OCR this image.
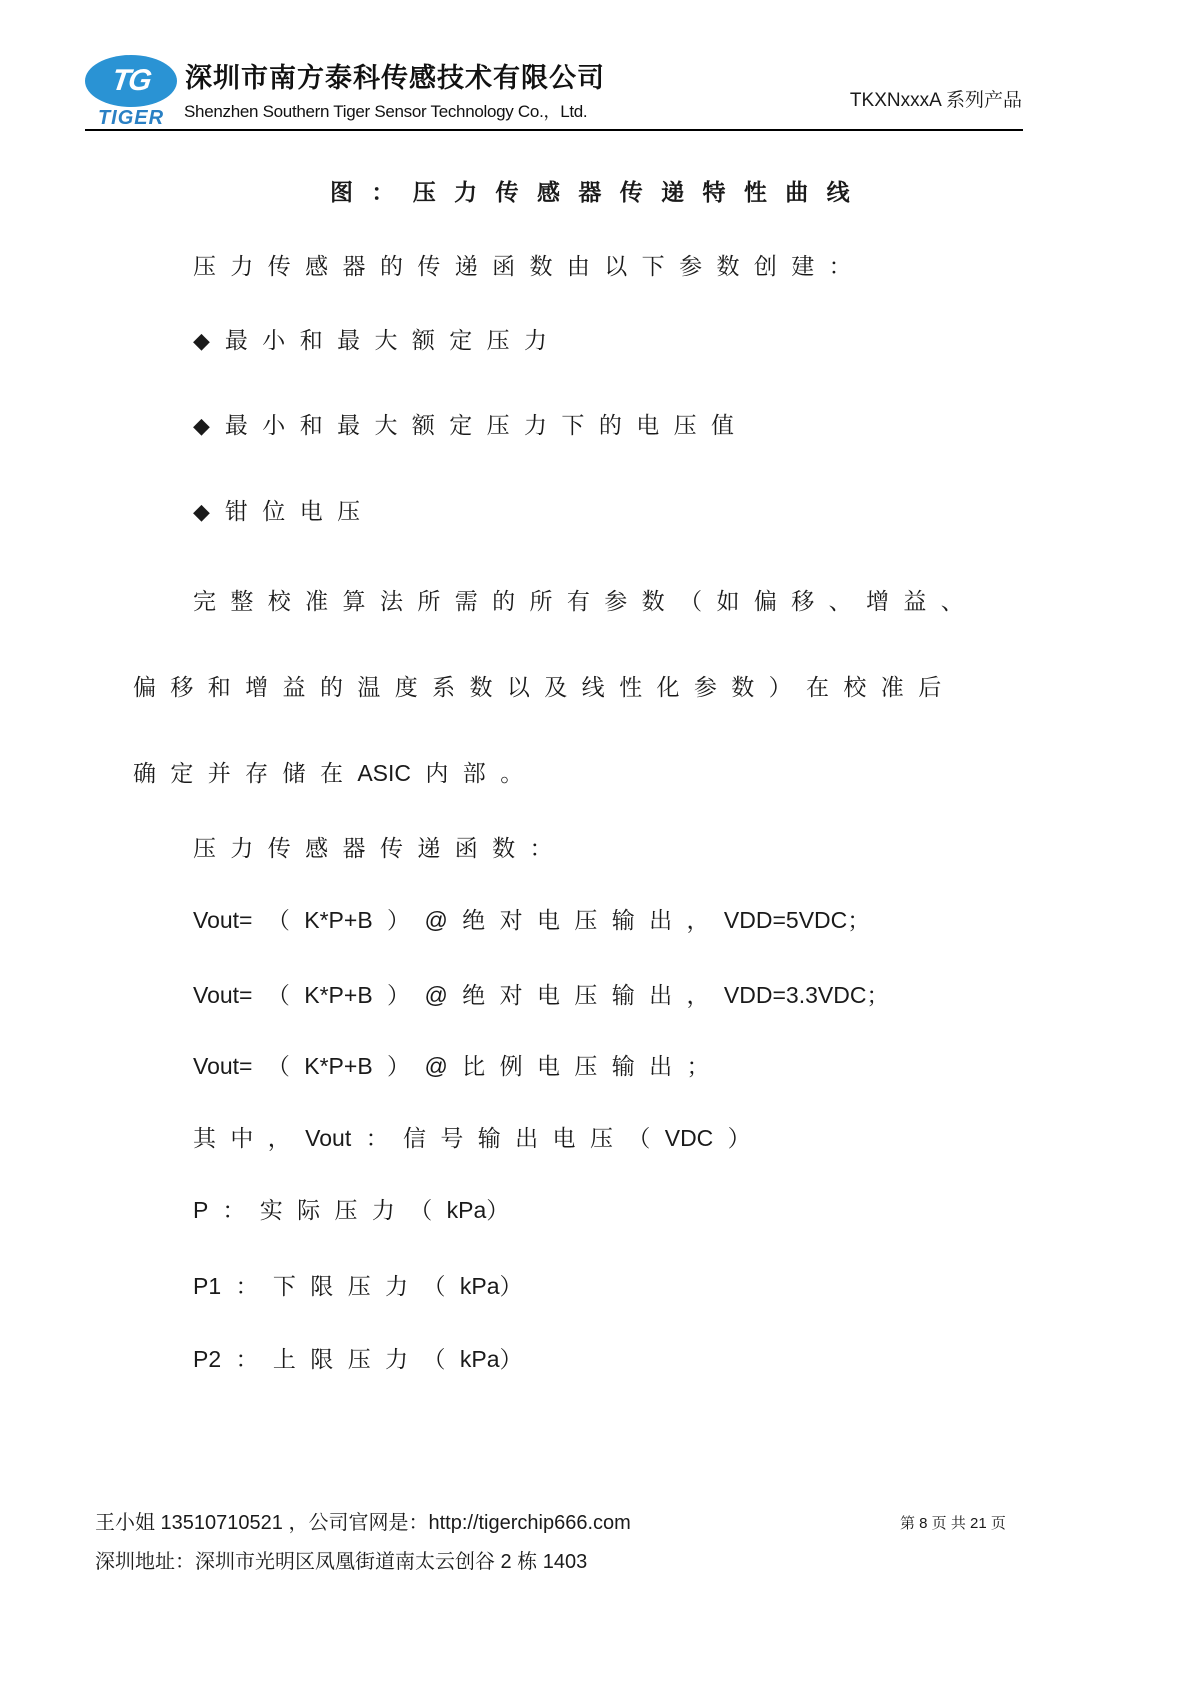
TG
TIGER
深圳市南方泰科传感技术有限公司
Shenzhen Southern Tiger Sensor Technology Co.，Ltd.
TKXNxxxA 系列产品
图 ： 压 力 传 感 器 传 递 特 性 曲 线
压 力 传 感 器 的 传 递 函 数 由 以 下 参 数 创 建 ：
◆ 最 小 和 最 大 额 定 压 力
◆ 最 小 和 最 大 额 定 压 力 下 的 电 压 值
◆ 钳 位 电 压
完 整 校 准 算 法 所 需 的 所 有 参 数 （ 如 偏 移 、 增 益 、
偏 移 和 增 益 的 温 度 系 数 以 及 线 性 化 参 数 ） 在 校 准 后
确 定 并 存 储 在 ASIC 内 部 。
压 力 传 感 器 传 递 函 数 ：
Vout= （ K*P+B ） @ 绝 对 电 压 输 出 ， VDD=5VDC；
Vout= （ K*P+B ） @ 绝 对 电 压 输 出 ， VDD=3.3VDC；
Vout= （ K*P+B ） @ 比 例 电 压 输 出 ；
其 中 ， Vout ： 信 号 输 出 电 压 （ VDC ）
P ： 实 际 压 力 （ kPa）
P1 ： 下 限 压 力 （ kPa）
P2 ： 上 限 压 力 （ kPa）
王小姐 13510710521 ，公司官网是：http://tigerchip666.com
深圳地址：深圳市光明区凤凰街道南太云创谷 2 栋 1403
第 8 页 共 21 页
